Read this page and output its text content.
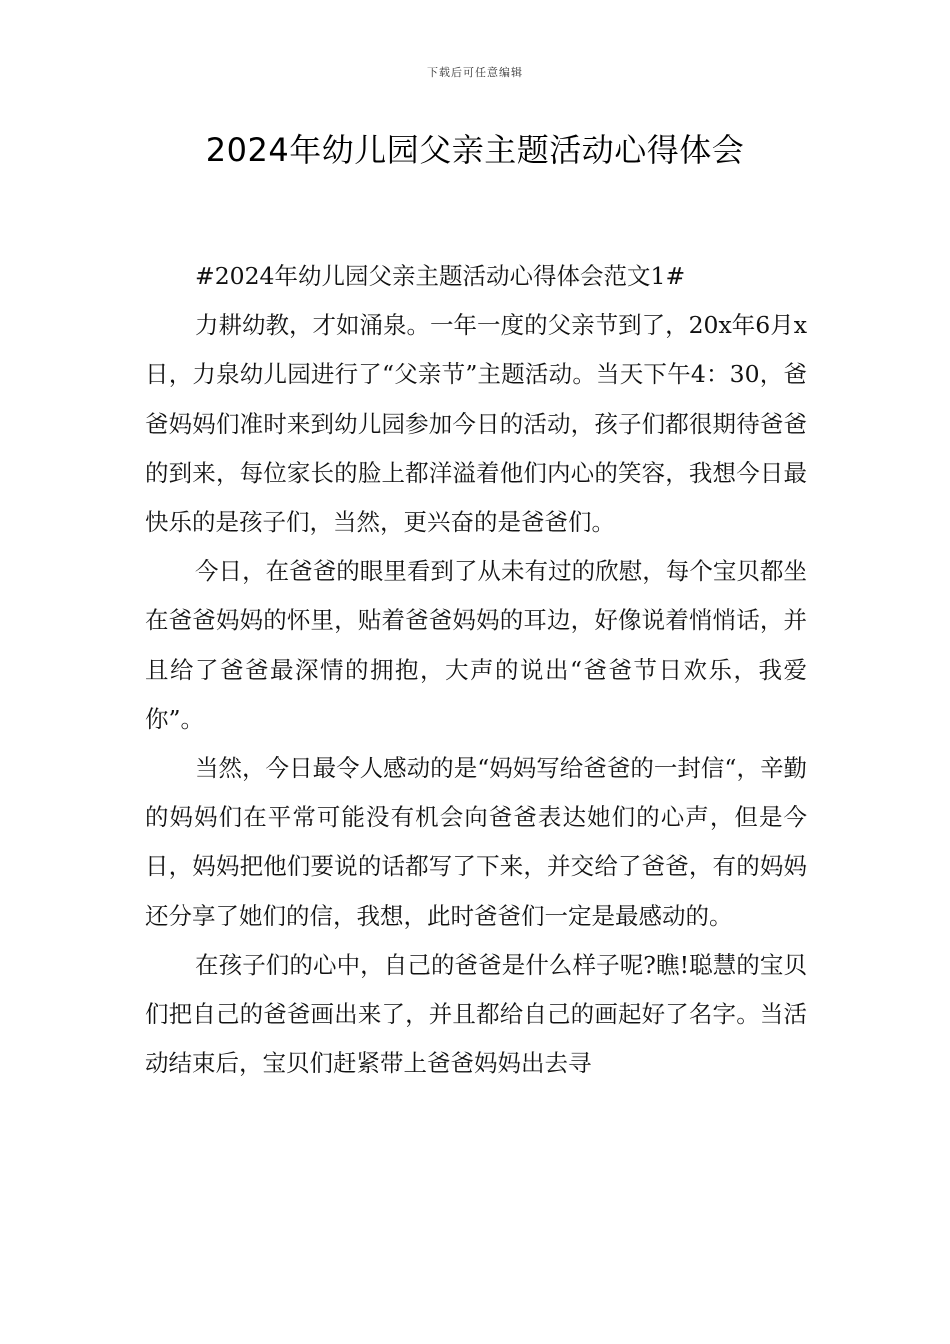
下载后可任意编辑
2024年幼儿园父亲主题活动心得体会

#2024年幼儿园父亲主题活动心得体会范文1#

力耕幼教，才如涌泉。一年一度的父亲节到了，20x年6月x日，力泉幼儿园进行了“父亲节”主题活动。当天下午4：30，爸爸妈妈们准时来到幼儿园参加今日的活动，孩子们都很期待爸爸的到来，每位家长的脸上都洋溢着他们内心的笑容，我想今日最快乐的是孩子们，当然，更兴奋的是爸爸们。

今日，在爸爸的眼里看到了从未有过的欣慰，每个宝贝都坐在爸爸妈妈的怀里，贴着爸爸妈妈的耳边，好像说着悄悄话，并且给了爸爸最深情的拥抱，大声的说出“爸爸节日欢乐，我爱你”。

当然，今日最令人感动的是“妈妈写给爸爸的一封信“，辛勤的妈妈们在平常可能没有机会向爸爸表达她们的心声，但是今日，妈妈把他们要说的话都写了下来，并交给了爸爸，有的妈妈还分享了她们的信，我想，此时爸爸们一定是最感动的。

在孩子们的心中，自己的爸爸是什么样子呢?瞧!聪慧的宝贝们把自己的爸爸画出来了，并且都给自己的画起好了名字。当活动结束后，宝贝们赶紧带上爸爸妈妈出去寻
